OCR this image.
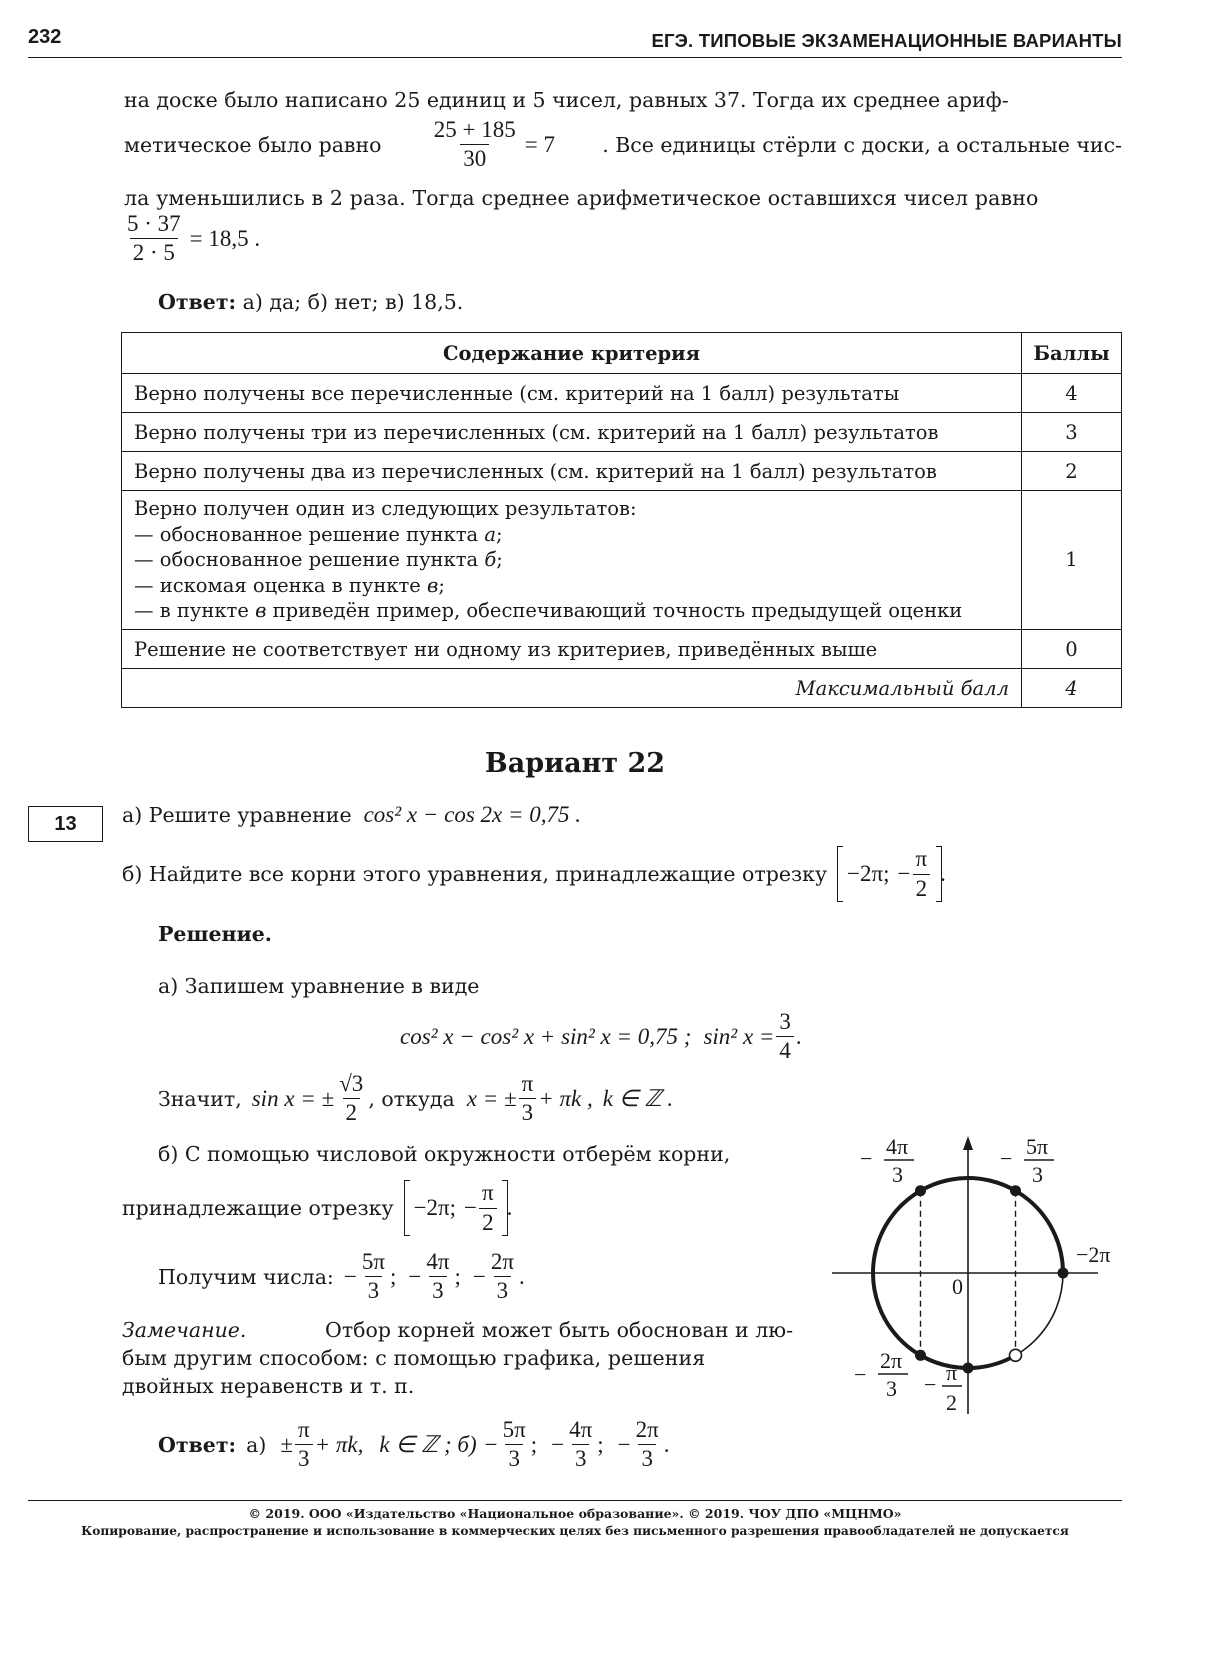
232	ЕГЭ. ТИПОВЫЕ ЭКЗАМЕНАЦИОННЫЕ ВАРИАНТЫ
на доске было написано 25 единиц и 5 чисел, равных 37. Тогда их среднее ариф-
метическое было равно $\frac{25 + 185}{30} = 7$ . Все единицы стёрли с доски, а остальные чис-
ла уменьшились в 2 раза. Тогда среднее арифметическое оставшихся чисел равно
$\frac{5 \cdot 37}{2 \cdot 5} = 18,5$ .
Ответ: а) да; б) нет; в) 18,5.
Содержание критерия	Баллы
Верно получены все перечисленные (см. критерий на 1 балл) результаты	4
Верно получены три из перечисленных (см. критерий на 1 балл) результатов	3
Верно получены два из перечисленных (см. критерий на 1 балл) результатов	2

Верно получен один из следующих результатов:
— обоснованное решение пункта а;
— обоснованное решение пункта б;
— искомая оценка в пункте в;
— в пункте в приведён пример, обеспечивающий точность предыдущей оценки	1
Решение не соответствует ни одному из критериев, приведённых выше	0
Максимальный балл	4
Вариант 22
13 а) Решите уравнение cos² x − cos 2x = 0,75 .
б) Найдите все корни этого уравнения, принадлежащие отрезку −2π; − $\frac{\pi}{2}$ .
Решение.
а) Запишем уравнение в виде
cos² x − cos² x + sin² x = 0,75 ; sin² $x = \frac{3}{4}$ .
Значит, sin x = ± $\frac{√3}{2}$ , откуда x = ± $\frac{\pi}{3} + \pi k$ , k ∈ ℤ .
б) С помощью числовой окружности отберём корни,
принадлежащие отрезку −2π; − $\frac{\pi}{2}$ .
Получим числа: − $\frac{5\pi}{3}$ ; − $\frac{4\pi}{3}$ ; − $\frac{2\pi}{3}$ .
Замечание.	Отбор корней может быть обоснован и лю-
бым другим способом: с помощью графика, решения
двойных неравенств и т. п.
Ответ: $а) \pm \frac{\pi}{3} + \pi k$, k ∈ ℤ ; $б) - \frac{5\pi}{3}$ ; − $\frac{4\pi}{3}$ ; − $\frac{2\pi}{3}$ .
− 4π
3
− 5π
3
−2π
0
−
2π
3 − π
2
© 2019. ООО «Издательство «Национальное образование». © 2019. ЧОУ ДПО «МЦНМО»
Копирование, распространение и использование в коммерческих целях без письменного разрешения правообладателей не допускается
